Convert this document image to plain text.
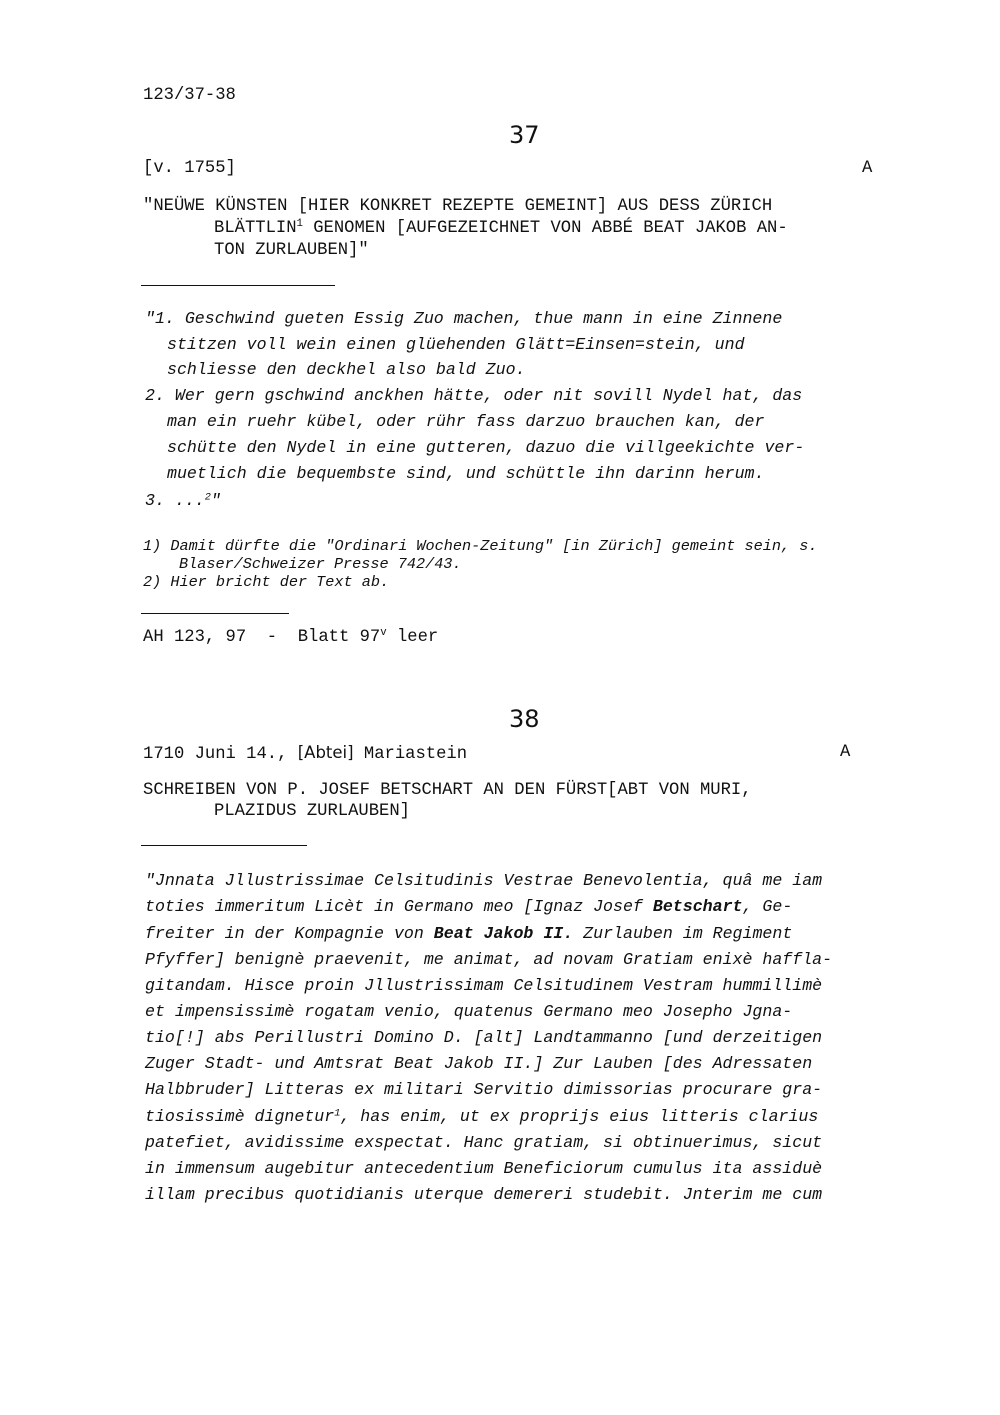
123/37-38
37
[v. 1755]	A
"NEÜWE KÜNSTEN [HIER KONKRET REZEPTE GEMEINT] AUS DESS ZÜRICH
BLÄTTLIN$^1$ GENOMEN [AUFGEZEICHNET VON ABBÉ BEAT JAKOB AN-
TON ZURLAUBEN]"
"1. Geschwind gueten Essig Zuo machen, thue mann in eine Zinnene
stitzen voll wein einen glüehenden Glätt=Einsen=stein, und
schliesse den deckhel also bald Zuo.
2. Wer gern gschwind anckhen hätte, oder nit sovill Nydel hat, das
man ein ruehr kübel, oder rühr fass darzuo brauchen kan, der
schütte den Nydel in eine gutteren, dazuo die villgeekichte ver-
muetlich die bequembste sind, und schüttle ihn darinn herum.
3. ...$^2$"
1) Damit dürfte die "Ordinari Wochen-Zeitung" [in Zürich] gemeint sein, s.
Blaser/Schweizer Presse 742/43.
2) Hier bricht der Text ab.
AH 123, 97  -  Blatt 97$^v$ leer
38
1710 Juni 14., [Abtei] Mariastein	A
SCHREIBEN VON P. JOSEF BETSCHART AN DEN FÜRST[ABT VON MURI,
PLAZIDUS ZURLAUBEN]
"Jnnata Jllustrissimae Celsitudinis Vestrae Benevolentia, quâ me iam
toties immeritum Licèt in Germano meo [Ignaz Josef Betschart, Ge-
freiter in der Kompagnie von Beat Jakob II. Zurlauben im Regiment
Pfyffer] benignè praevenit, me animat, ad novam Gratiam enixè haffla-
gitandam. Hisce proin Jllustrissimam Celsitudinem Vestram hummillimè
et impensissimè rogatam venio, quatenus Germano meo Josepho Jgna-
tio[!] abs Perillustri Domino D. [alt] Landtammanno [und derzeitigen
Zuger Stadt- und Amtsrat Beat Jakob II.] Zur Lauben [des Adressaten
Halbbruder] Litteras ex militari Servitio dimissorias procurare gra-
tiosissimè dignetur$^1$, has enim, ut ex proprijs eius litteris clarius
patefiet, avidissime exspectat. Hanc gratiam, si obtinuerimus, sicut
in immensum augebitur antecedentium Beneficiorum cumulus ita assiduè
illam precibus quotidianis uterque demereri studebit. Jnterim me cum
